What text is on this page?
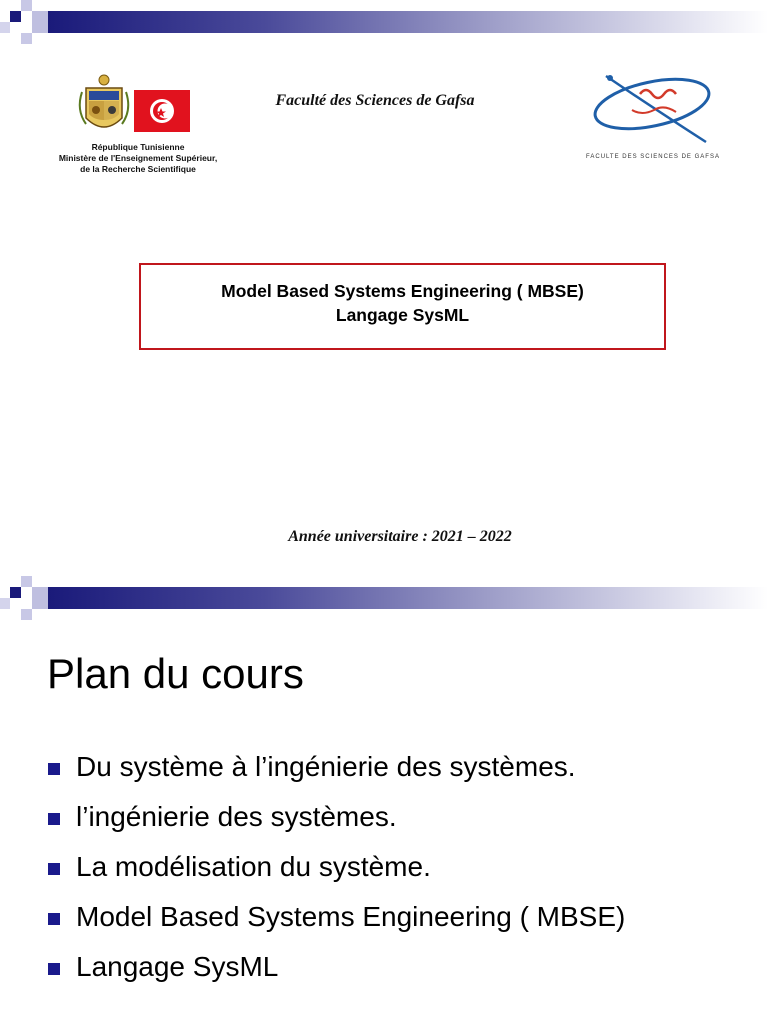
République Tunisienne
Ministère de l'Enseignement Supérieur,
de la Recherche Scientifique
Faculté des Sciences de Gafsa
FACULTE DES SCIENCES DE GAFSA
Model Based Systems Engineering ( MBSE)
Langage SysML
Année universitaire : 2021 – 2022
Plan du cours
Du système à l’ingénierie des systèmes.
l’ingénierie des systèmes.
La modélisation du système.
Model Based Systems Engineering ( MBSE)
Langage SysML
